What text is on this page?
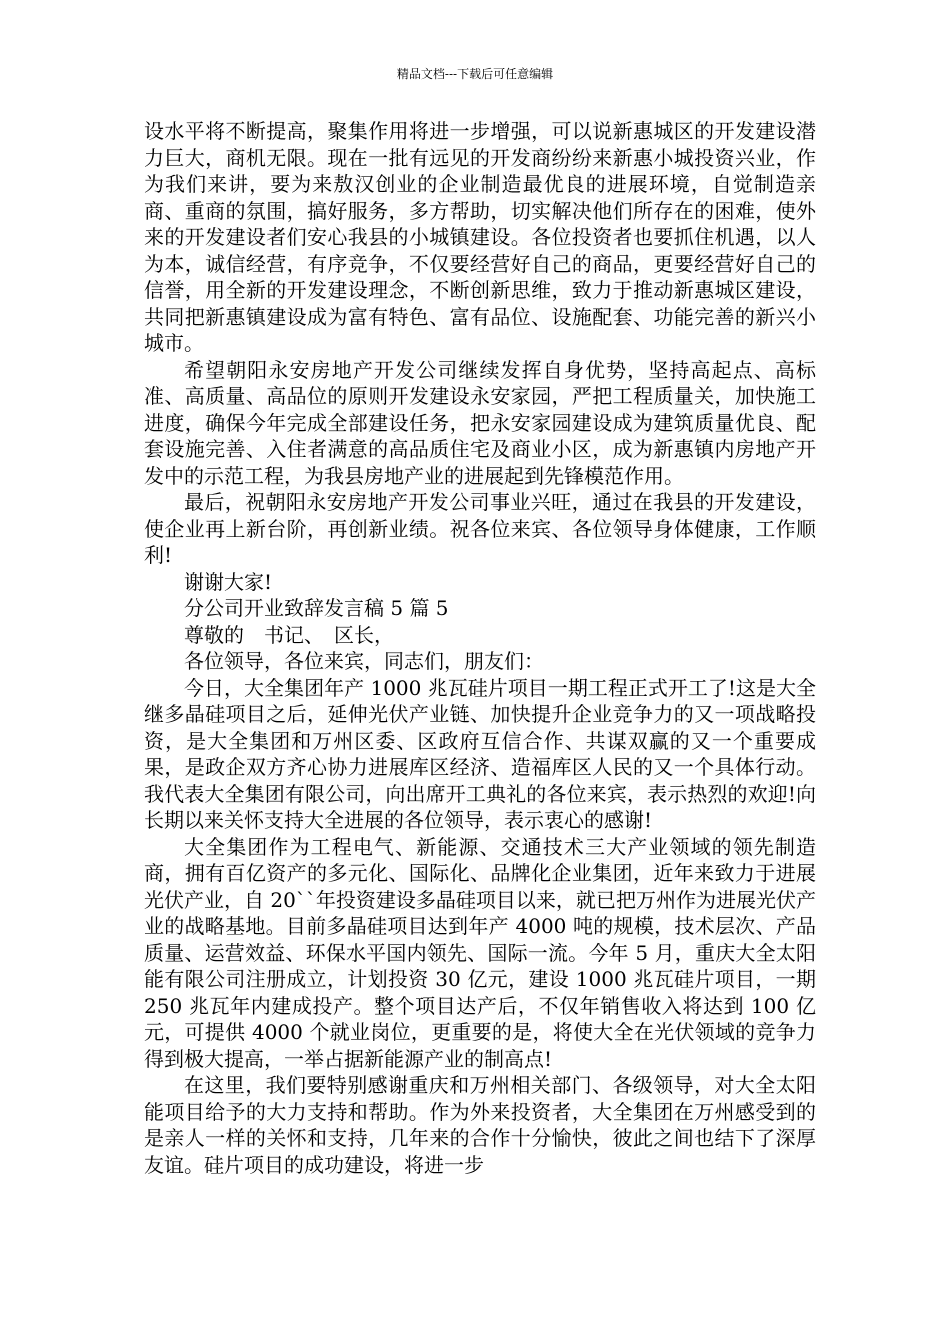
精品文档---下载后可任意编辑

设水平将不断提高，聚集作用将进一步增强，可以说新惠城区的开发建设潜力巨大，商机无限。现在一批有远见的开发商纷纷来新惠小城投资兴业，作为我们来讲，要为来敖汉创业的企业制造最优良的进展环境，自觉制造亲商、重商的氛围，搞好服务，多方帮助，切实解决他们所存在的困难，使外来的开发建设者们安心我县的小城镇建设。各位投资者也要抓住机遇，以人为本，诚信经营，有序竞争，不仅要经营好自己的商品，更要经营好自己的信誉，用全新的开发建设理念，不断创新思维，致力于推动新惠城区建设，共同把新惠镇建设成为富有特色、富有品位、设施配套、功能完善的新兴小城市。

希望朝阳永安房地产开发公司继续发挥自身优势，坚持高起点、高标准、高质量、高品位的原则开发建设永安家园，严把工程质量关，加快施工进度，确保今年完成全部建设任务，把永安家园建设成为建筑质量优良、配套设施完善、入住者满意的高品质住宅及商业小区，成为新惠镇内房地产开发中的示范工程，为我县房地产业的进展起到先锋模范作用。

最后，祝朝阳永安房地产开发公司事业兴旺，通过在我县的开发建设，使企业再上新台阶，再创新业绩。祝各位来宾、各位领导身体健康，工作顺利!

谢谢大家!

分公司开业致辞发言稿 5 篇 5

尊敬的　书记、　区长，

各位领导，各位来宾，同志们，朋友们：

今日，大全集团年产 1000 兆瓦硅片项目一期工程正式开工了!这是大全继多晶硅项目之后，延伸光伏产业链、加快提升企业竞争力的又一项战略投资，是大全集团和万州区委、区政府互信合作、共谋双赢的又一个重要成果，是政企双方齐心协力进展库区经济、造福库区人民的又一个具体行动。我代表大全集团有限公司，向出席开工典礼的各位来宾，表示热烈的欢迎!向长期以来关怀支持大全进展的各位领导，表示衷心的感谢!

大全集团作为工程电气、新能源、交通技术三大产业领域的领先制造商，拥有百亿资产的多元化、国际化、品牌化企业集团，近年来致力于进展光伏产业，自 20``年投资建设多晶硅项目以来，就已把万州作为进展光伏产业的战略基地。目前多晶硅项目达到年产 4000 吨的规模，技术层次、产品质量、运营效益、环保水平国内领先、国际一流。今年 5 月，重庆大全太阳能有限公司注册成立，计划投资 30 亿元，建设 1000 兆瓦硅片项目，一期 250 兆瓦年内建成投产。整个项目达产后，不仅年销售收入将达到 100 亿元，可提供 4000 个就业岗位，更重要的是，将使大全在光伏领域的竞争力得到极大提高，一举占据新能源产业的制高点!

在这里，我们要特别感谢重庆和万州相关部门、各级领导，对大全太阳能项目给予的大力支持和帮助。作为外来投资者，大全集团在万州感受到的是亲人一样的关怀和支持，几年来的合作十分愉快，彼此之间也结下了深厚友谊。硅片项目的成功建设，将进一步
